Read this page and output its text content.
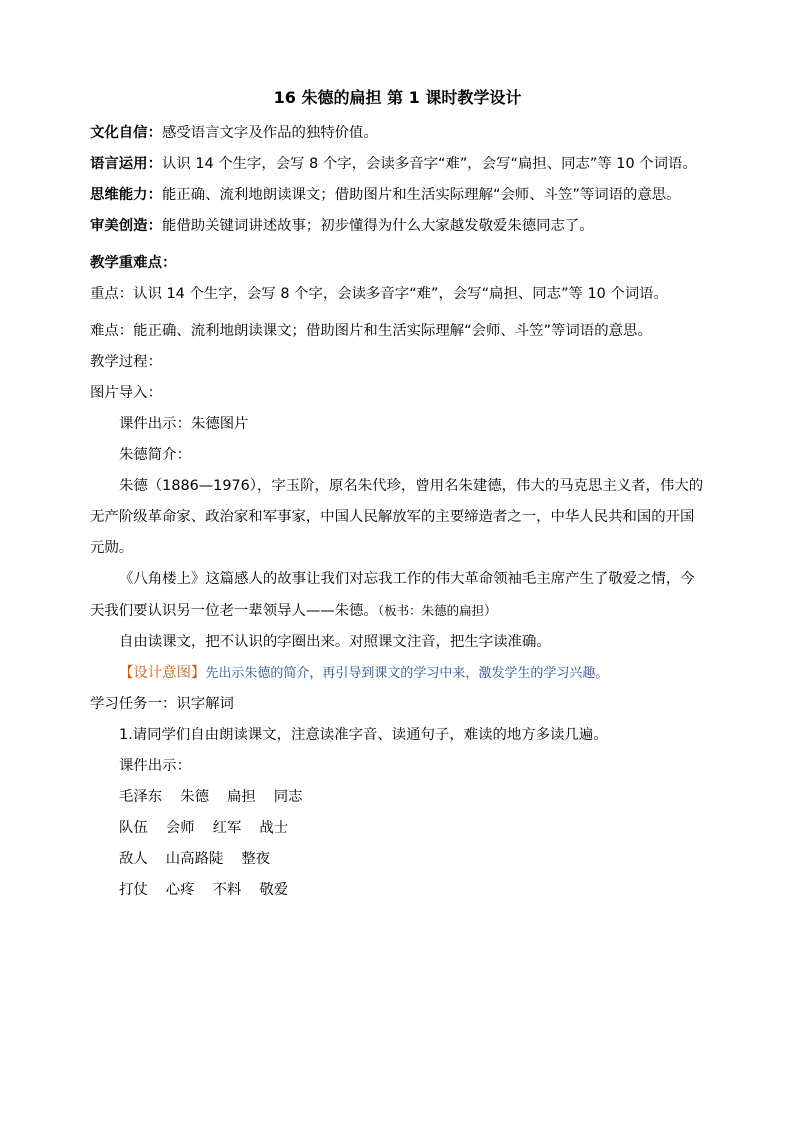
16 朱德的扁担 第 1 课时教学设计

文化自信：感受语言文字及作品的独特价值。

语言运用：认识 14 个生字，会写 8 个字，会读多音字“难”，会写“扁担、同志”等 10 个词语。

思维能力：能正确、流利地朗读课文；借助图片和生活实际理解“会师、斗笠”等词语的意思。

审美创造：能借助关键词讲述故事；初步懂得为什么大家越发敬爱朱德同志了。

教学重难点：

重点：认识 14 个生字，会写 8 个字，会读多音字“难”，会写“扁担、同志”等 10 个词语。

难点：能正确、流利地朗读课文；借助图片和生活实际理解“会师、斗笠”等词语的意思。

教学过程：

图片导入：

课件出示：朱德图片

朱德简介：

朱德（1886—1976），字玉阶，原名朱代珍，曾用名朱建德，伟大的马克思主义者，伟大的无产阶级革命家、政治家和军事家，中国人民解放军的主要缔造者之一，中华人民共和国的开国元勋。

《八角楼上》这篇感人的故事让我们对忘我工作的伟大革命领袖毛主席产生了敬爱之情，今天我们要认识另一位老一辈领导人——朱德。（板书：朱德的扁担）

自由读课文，把不认识的字圈出来。对照课文注音，把生字读准确。

【设计意图】先出示朱德的简介，再引导到课文的学习中来，激发学生的学习兴趣。

学习任务一：识字解词

1.请同学们自由朗读课文，注意读准字音、读通句子，难读的地方多读几遍。

课件出示：

毛泽东 朱德 扁担 同志

队伍 会师 红军 战士

敌人 山高路陡 整夜

打仗 心疼 不料 敬爱
